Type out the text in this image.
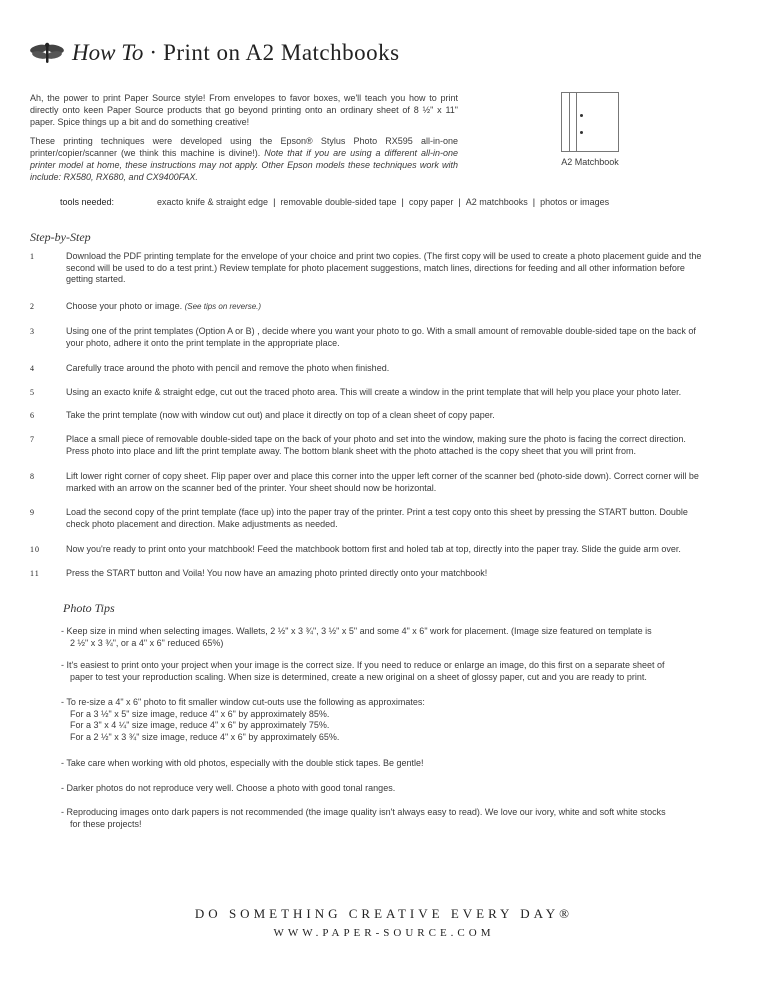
How To · Print on A2 Matchbooks
Ah, the power to print Paper Source style! From envelopes to favor boxes, we'll teach you how to print directly onto keen Paper Source products that go beyond printing onto an ordinary sheet of 8 ½" x 11" paper. Spice things up a bit and do something creative!
These printing techniques were developed using the Epson® Stylus Photo RX595 all-in-one printer/copier/scanner (we think this machine is divine!). Note that if you are using a different all-in-one printer model at home, these instructions may not apply. Other Epson models these techniques work with include: RX580, RX680, and CX9400FAX.
A2 Matchbook
tools needed:	exacto knife & straight edge | removable double-sided tape | copy paper | A2 matchbooks | photos or images
Step-by-Step
1	Download the PDF printing template for the envelope of your choice and print two copies. (The first copy will be used to create a photo placement guide and the second will be used to do a test print.) Review template for photo placement suggestions, match lines, directions for feeding and all other information before getting started.
2	Choose your photo or image. (See tips on reverse.)
3	Using one of the print templates (Option A or B) , decide where you want your photo to go. With a small amount of removable double-sided tape on the back of your photo, adhere it onto the print template in the appropriate place.
4	Carefully trace around the photo with pencil and remove the photo when finished.
5	Using an exacto knife & straight edge, cut out the traced photo area. This will create a window in the print template that will help you place your photo later.
6	Take the print template (now with window cut out) and place it directly on top of a clean sheet of copy paper.
7	Place a small piece of removable double-sided tape on the back of your photo and set into the window, making sure the photo is facing the correct direction. Press photo into place and lift the print template away. The bottom blank sheet with the photo attached is the copy sheet that you will print from.
8	Lift lower right corner of copy sheet. Flip paper over and place this corner into the upper left corner of the scanner bed (photo-side down). Correct corner will be marked with an arrow on the scanner bed of the printer. Your sheet should now be horizontal.
9	Load the second copy of the print template (face up) into the paper tray of the printer. Print a test copy onto this sheet by pressing the START button. Double check photo placement and direction. Make adjustments as needed.
10	Now you're ready to print onto your matchbook! Feed the matchbook bottom first and holed tab at top, directly into the paper tray. Slide the guide arm over.
11	Press the START button and Voila! You now have an amazing photo printed directly onto your matchbook!
Photo Tips
- Keep size in mind when selecting images. Wallets, 2 ½" x 3 ¾", 3 ½" x 5" and some 4" x 6" work for placement. (Image size featured on template is
2 ½" x 3 ¾", or a 4" x 6" reduced 65%)
- It's easiest to print onto your project when your image is the correct size. If you need to reduce or enlarge an image, do this first on a separate sheet of
paper to test your reproduction scaling. When size is determined, create a new original on a sheet of glossy paper, cut and you are ready to print.
- To re-size a 4" x 6" photo to fit smaller window cut-outs use the following as approximates:
For a 3 ½" x 5" size image, reduce 4" x 6" by approximately 85%.
For a 3" x 4 ¼" size image, reduce 4" x 6" by approximately 75%.
For a 2 ½" x 3 ¾" size image, reduce 4" x 6" by approximately 65%.
- Take care when working with old photos, especially with the double stick tapes. Be gentle!
- Darker photos do not reproduce very well. Choose a photo with good tonal ranges.
- Reproducing images onto dark papers is not recommended (the image quality isn't always easy to read). We love our ivory, white and soft white stocks
for these projects!
DO SOMETHING CREATIVE EVERY DAY®
WWW.PAPER-SOURCE.COM
